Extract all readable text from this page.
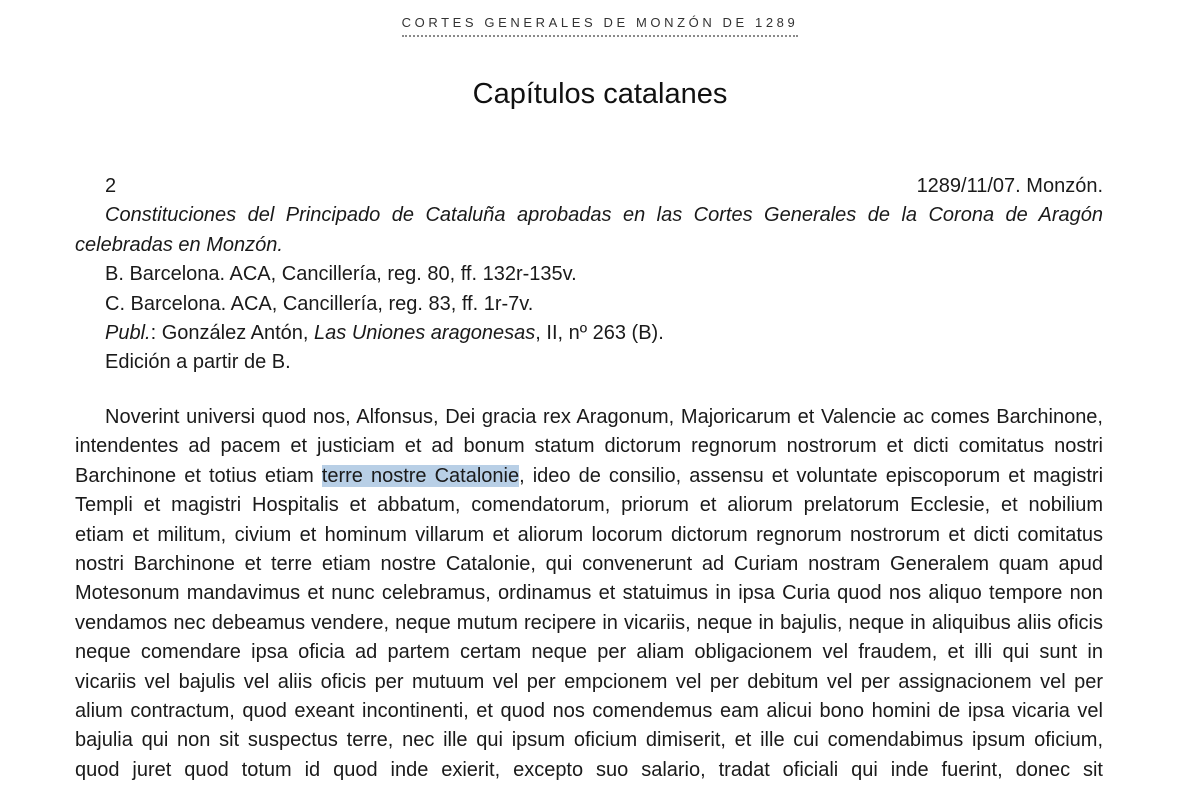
CORTES GENERALES DE MONZÓN DE 1289
Capítulos catalanes
2	1289/11/07. Monzón.

Constituciones del Principado de Cataluña aprobadas en las Cortes Generales de la Corona de Aragón celebradas en Monzón.

B. Barcelona. ACA, Cancillería, reg. 80, ff. 132r-135v.

C. Barcelona. ACA, Cancillería, reg. 83, ff. 1r-7v.

Publ.: González Antón, Las Uniones aragonesas, II, nº 263 (B).

Edición a partir de B.

Noverint universi quod nos, Alfonsus, Dei gracia rex Aragonum, Majoricarum et Valencie ac comes Barchinone,
intendentes ad pacem et justiciam et ad bonum statum dictorum regnorum nostrorum et dicti comitatus nostri
Barchinone et totius etiam terre nostre Catalonie, ideo de consilio, assensu et voluntate episcoporum et magistri
Templi et magistri Hospitalis et abbatum, comendatorum, priorum et aliorum prelatorum Ecclesie, et nobilium
etiam et militum, civium et hominum villarum et aliorum locorum dictorum regnorum nostrorum et dicti comitatus
nostri Barchinone et terre etiam nostre Catalonie, qui convenerunt ad Curiam nostram Generalem quam apud
Motesonum mandavimus et nunc celebramus, ordinamus et statuimus in ipsa Curia quod nos aliquo tempore non
vendamos nec debeamus vendere, neque mutum recipere in vicariis, neque in bajulis, neque in aliquibus aliis oficis
neque comendare ipsa oficia ad partem certam neque per aliam obligacionem vel fraudem, et illi qui sunt in
vicariis vel bajulis vel aliis oficis per mutuum vel per empcionem vel per debitum vel per assignacionem vel per
alium contractum, quod exeant incontinenti, et quod nos comendemus eam alicui bono homini de ipsa vicaria vel
bajulia qui non sit suspectus terre, nec ille qui ipsum oficium dimiserit, et ille cui comendabimus ipsum oficium,
quod juret quod totum id quod inde exierit, excepto suo salario, tradat oficiali qui inde fuerint, donec sit
